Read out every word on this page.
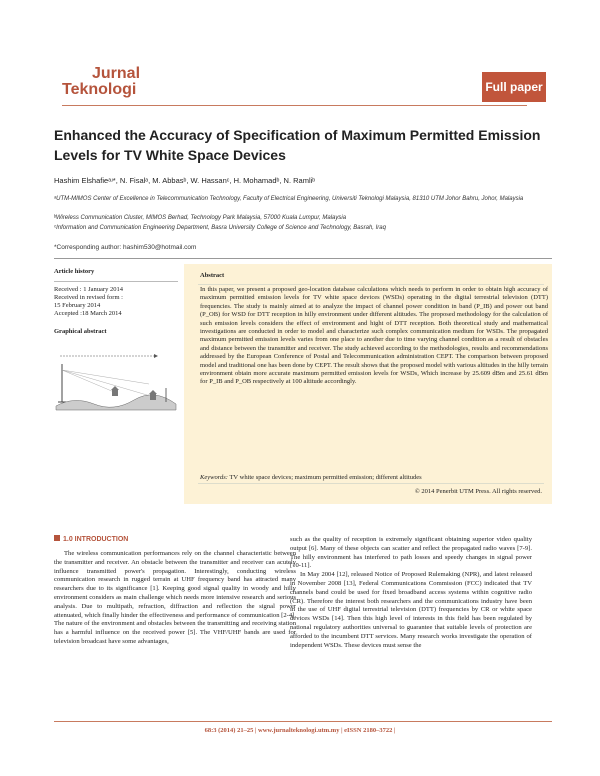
Jurnal
Teknologi	Full paper
Enhanced the Accuracy of Specification of Maximum Permitted Emission Levels for TV White Space Devices
Hashim Elshafieᵃʴ*, N. Fisalᵃ, M. Abbasᵇ, W. Hassanᶜ, H. Mohamadᵇ, N. Ramliᵇ
ᵃUTM-MIMOS Center of Excellence in Telecommunication Technology, Faculty of Electrical Engineering, Universiti Teknologi Malaysia, 81310 UTM Johor Bahru, Johor, Malaysia
ᵇWireless Communication Cluster, MIMOS Berhad, Technology Park Malaysia, 57000 Kuala Lumpur, Malaysia
ᶜInformation and Communication Engineering Department, Basra University College of Science and Technology, Basrah, Iraq
*Corresponding author: hashim530@hotmail.com
Article history
Received : 1 January 2014
Received in revised form :
15 February 2014
Accepted :18 March 2014
Graphical abstract
Abstract

In this paper, we present a proposed geo-location database calculations which needs to perform in order to obtain high accuracy of maximum permitted emission levels for TV white space devices (WSDs) operating in the digital terrestrial television (DTT) frequencies. The study is mainly aimed at to analyze the impact of channel power condition in band (P_IB) and power out band (P_OB) for WSD for DTT reception in hilly environment under different altitudes. The proposed methodology for the calculation of such emission levels considers the effect of environment and hight of DTT reception. Both theoretical study and mathematical investigations are conducted in order to model and characterize such complex communication medium for WSDs. The propagated maximum permitted emission levels varies from one place to another due to time varying channel condition as a result of obstacles and distance between the transmitter and receiver. The study achieved according to the methodologies, results and recommendations addressed by the European Conference of Postal and Telecommunication administration CEPT. The comparison between proposed model and traditional one has been done by CEPT. The result shows that the proposed model with various altitudes in the hilly terrain environment obtain more accurate maximum permitted emission levels for WSDs, Which increase by 25.609 dBm and 25.61 dBm for P_IB and P_OB respectively at 100 altitude accordingly.

Keywords: TV white space devices; maximum permitted emission; different altitudes
© 2014 Penerbit UTM Press. All rights reserved.
1.0 INTRODUCTION

The wireless communication performances rely on the channel characteristic between the transmitter and receiver. An obstacle between the transmitter and receiver can acutely influence transmitted power's propagation. Interestingly, conducting wireless communication research in rugged terrain at UHF frequency band has attracted many researchers due to its significance [1]. Keeping good signal quality in woody and hilly environment considers as main challenge which needs more intensive research and serious analysis. Due to multipath, refraction, diffraction and reflection the signal power attenuated, which finally hinder the effectiveness and performance of communication [2-4]. The nature of the environment and obstacles between the transmitting and receiving station has a harmful influence on the received power [5]. The VHF/UHF bands are used for television broadcast have some advantages,

such as the quality of reception is extremely significant obtaining superior video quality output [6]. Many of these objects can scatter and reflect the propagated radio waves [7-9]. The hilly environment has interfered to path losses and speedy changes in signal power [10-11].

In May 2004 [12], released Notice of Proposed Rulemaking (NPR), and latest released in November 2008 [13], Federal Communications Commission (FCC) indicated that TV channels band could be used for fixed broadband access systems within cognitive radio (CR). Therefore the interest both researchers and the communications industry have been in the use of UHF digital terrestrial television (DTT) frequencies by CR or white space devices WSDs [14]. Then this high level of interests in this field has been regulated by national regulatory authorities universal to guarantee that suitable levels of protection are afforded to the incumbent DTT services. Many research works investigate the operation of independent WSDs. These devices must sense the

68:3 (2014) 21–25 | www.jurnalteknologi.utm.my | eISSN 2180–3722 |
